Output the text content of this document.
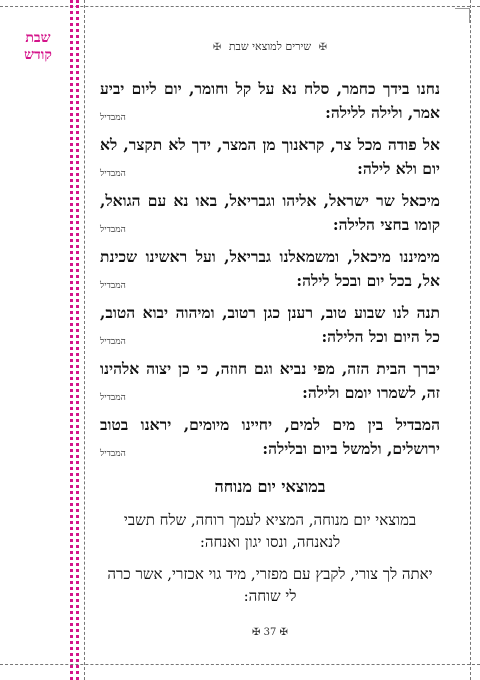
שבת
קודש	✠ שירים למוצאי שבת ✠
נחנו בידך כחמר, סלח נא על קל וחומר, יום ליום יביע אמר, ולילה ללילה:
המבדיל
אל פודה מכל צר, קראנוך מן המצר, ידך לא תקצר, לא יום ולא לילה:
המבדיל
מיכאל שר ישראל, אליהו וגבריאל, באו נא עם הגואל, קומו בחצי הלילה:
המבדיל
מימיננו מיכאל, ומשמאלנו גבריאל, ועל ראשינו שכינת אל, בכל יום ובכל לילה:
המבדיל
תנה לנו שבוע טוב, רענן כגן רטוב, ומיהוה יבוא הטוב, כל היום וכל הלילה:
המבדיל
יברך הבית הזה, מפי נביא וגם חוזה, כי כן יצוה אלהינו זה, לשמרו יומם ולילה:
המבדיל
המבדיל בין מים למים, יחיינו מיומים, יראנו בטוב ירושלים, ולמשל ביום ובלילה:
המבדיל
במוצאי יום מנוחה
במוצאי יום מנוחה, המציא לעמך רוחה, שלח תשבי לנאנחה, ונסו יגון ואנחה:
יאתה לך צורי, לקבץ עם מפזרי, מיד גוי אכזרי, אשר כרה לי שוחה:
✠ 37 ✠
